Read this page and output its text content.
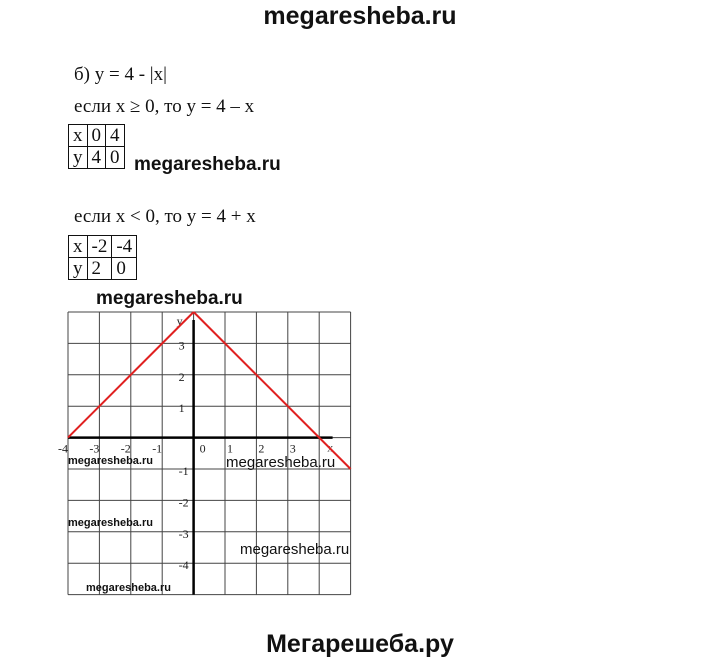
megaresheba.ru
б) y = 4 - |x|
если x ≥ 0, то y = 4 – x
x	0	4
y	4	0 megaresheba.ru
если x < 0, то y = 4 + x
x	-2	-4
y	2	0
megaresheba.ru
-4 -3 -2 -1	0 1 2 3
3
2
1
-1
-2
-3
-4
x
y
megaresheba.ru	megaresheba.ru
megaresheba.ru
megaresheba.ru
megaresheba.ru
Мегарешеба.ру
